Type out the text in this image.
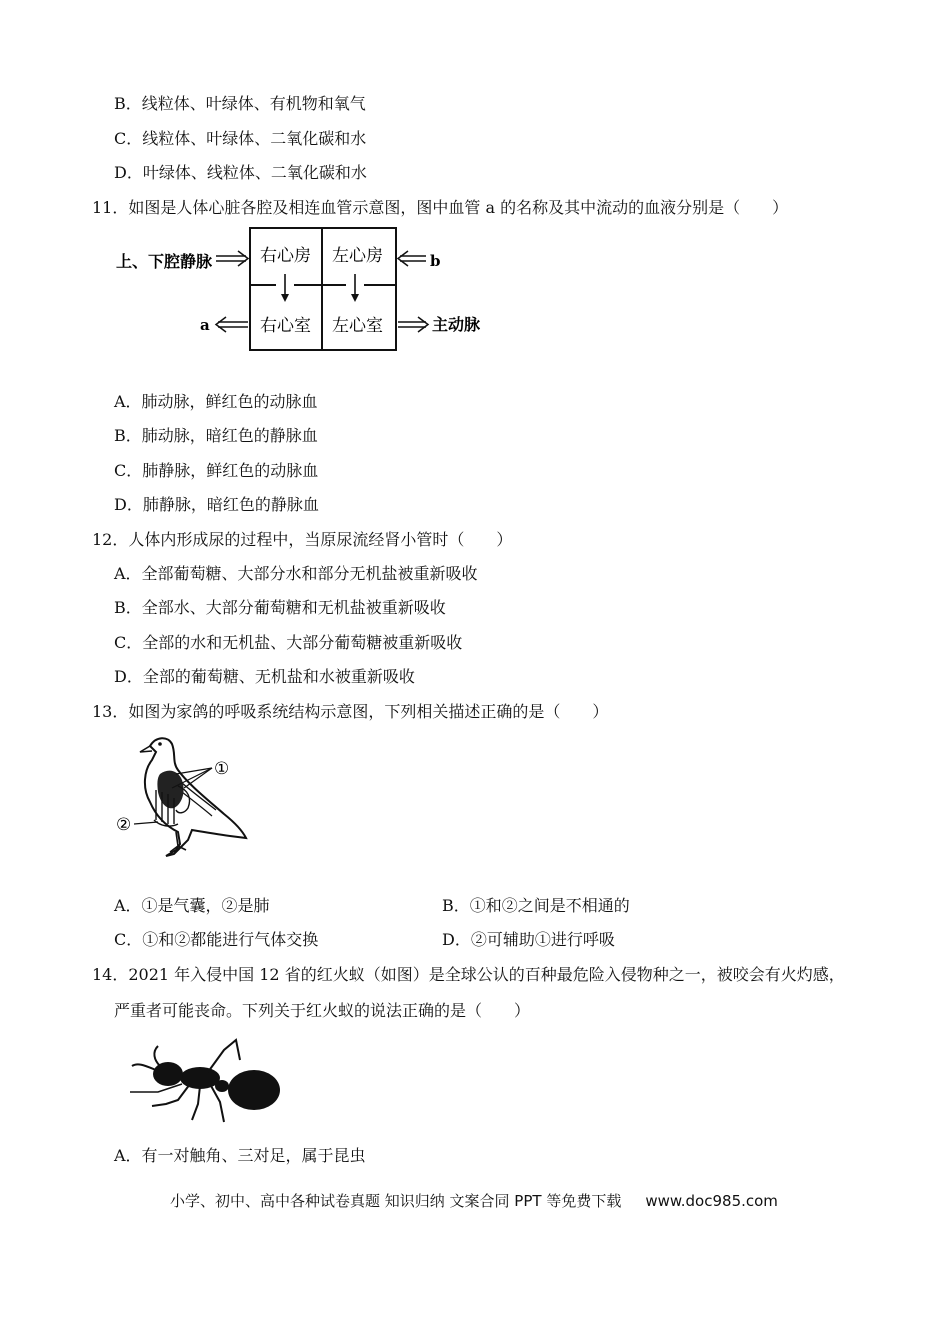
B．线粒体、叶绿体、有机物和氧气
C．线粒体、叶绿体、二氧化碳和水
D．叶绿体、线粒体、二氧化碳和水
11．如图是人体心脏各腔及相连血管示意图，图中血管 a 的名称及其中流动的血液分别是（　　）
右心房 左心房
右心室 左心室
上、下腔静脉	b
a	主动脉
A．肺动脉，鲜红色的动脉血
B．肺动脉，暗红色的静脉血
C．肺静脉，鲜红色的动脉血
D．肺静脉，暗红色的静脉血
12．人体内形成尿的过程中，当原尿流经肾小管时（　　）
A．全部葡萄糖、大部分水和部分无机盐被重新吸收
B．全部水、大部分葡萄糖和无机盐被重新吸收
C．全部的水和无机盐、大部分葡萄糖被重新吸收
D．全部的葡萄糖、无机盐和水被重新吸收
13．如图为家鸽的呼吸系统结构示意图，下列相关描述正确的是（　　）
①
②
A．①是气囊，②是肺	B．①和②之间是不相通的
C．①和②都能进行气体交换	D．②可辅助①进行呼吸
14．2021 年入侵中国 12 省的红火蚁（如图）是全球公认的百种最危险入侵物种之一，被咬会有火灼感，
严重者可能丧命。下列关于红火蚁的说法正确的是（　　）
A．有一对触角、三对足，属于昆虫
小学、初中、高中各种试卷真题 知识归纳 文案合同 PPT 等免费下载 www.doc985.com
